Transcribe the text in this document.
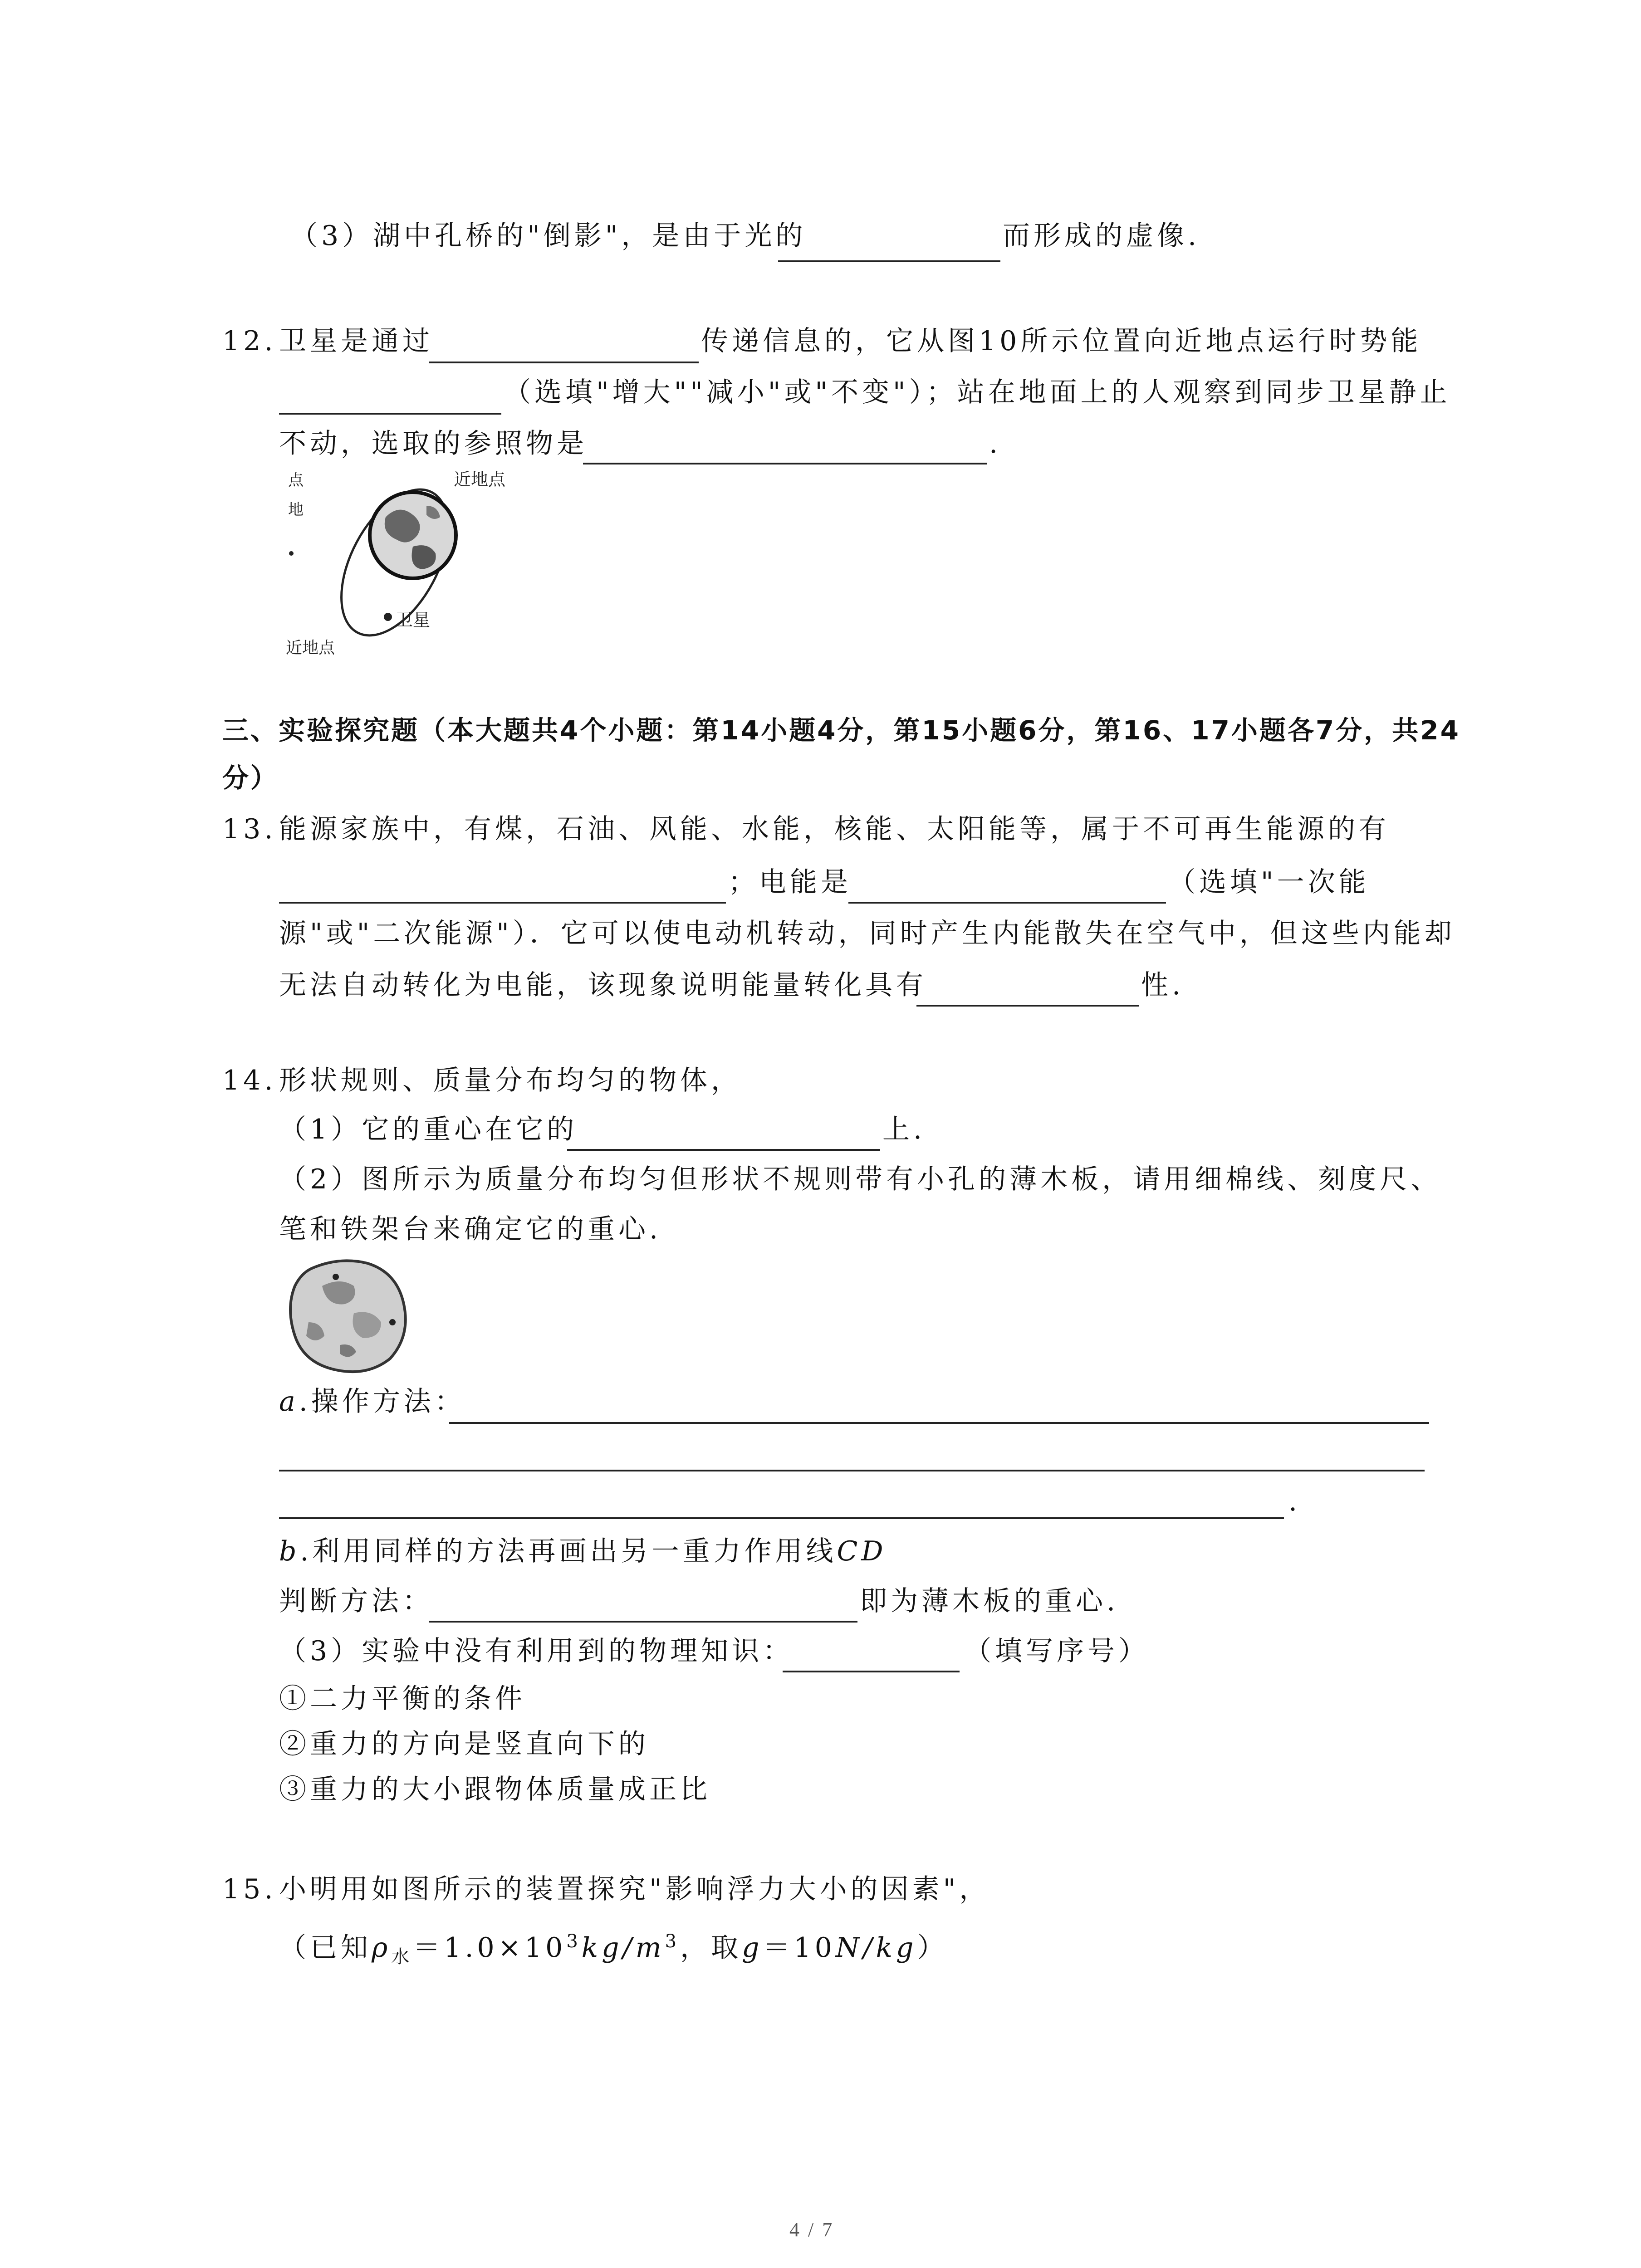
（3）湖中孔桥的"倒影"，是由于光的	而形成的虚像.
12. 卫星是通过	传递信息的，它从图10所示位置向近地点运行时势能
（选填"增大""减小"或"不变"）；站在地面上的人观察到同步卫星静止
不动，选取的参照物是	.
近地点
卫星
近地点
点
地
三、实验探究题（本大题共4个小题：第14小题4分，第15小题6分，第16、17小题各7分，共24
分）
13. 能源家族中，有煤，石油、风能、水能，核能、太阳能等，属于不可再生能源的有
；电能是	（选填"一次能
源"或"二次能源"）．它可以使电动机转动，同时产生内能散失在空气中，但这些内能却
无法自动转化为电能，该现象说明能量转化具有	性.
14. 形状规则、质量分布均匀的物体，
（1）它的重心在它的	上.
（2）图所示为质量分布均匀但形状不规则带有小孔的薄木板，请用细棉线、刻度尺、
笔和铁架台来确定它的重心.
a.操作方法：
.
b.利用同样的方法再画出另一重力作用线CD
判断方法：	即为薄木板的重心.
（3）实验中没有利用到的物理知识：	（填写序号）
①二力平衡的条件
②重力的方向是竖直向下的
③重力的大小跟物体质量成正比
15. 小明用如图所示的装置探究"影响浮力大小的因素"，
（已知$\rho_水=1.0\times 10^3kg/m^3$，取g＝10N/kg）
4 / 7
